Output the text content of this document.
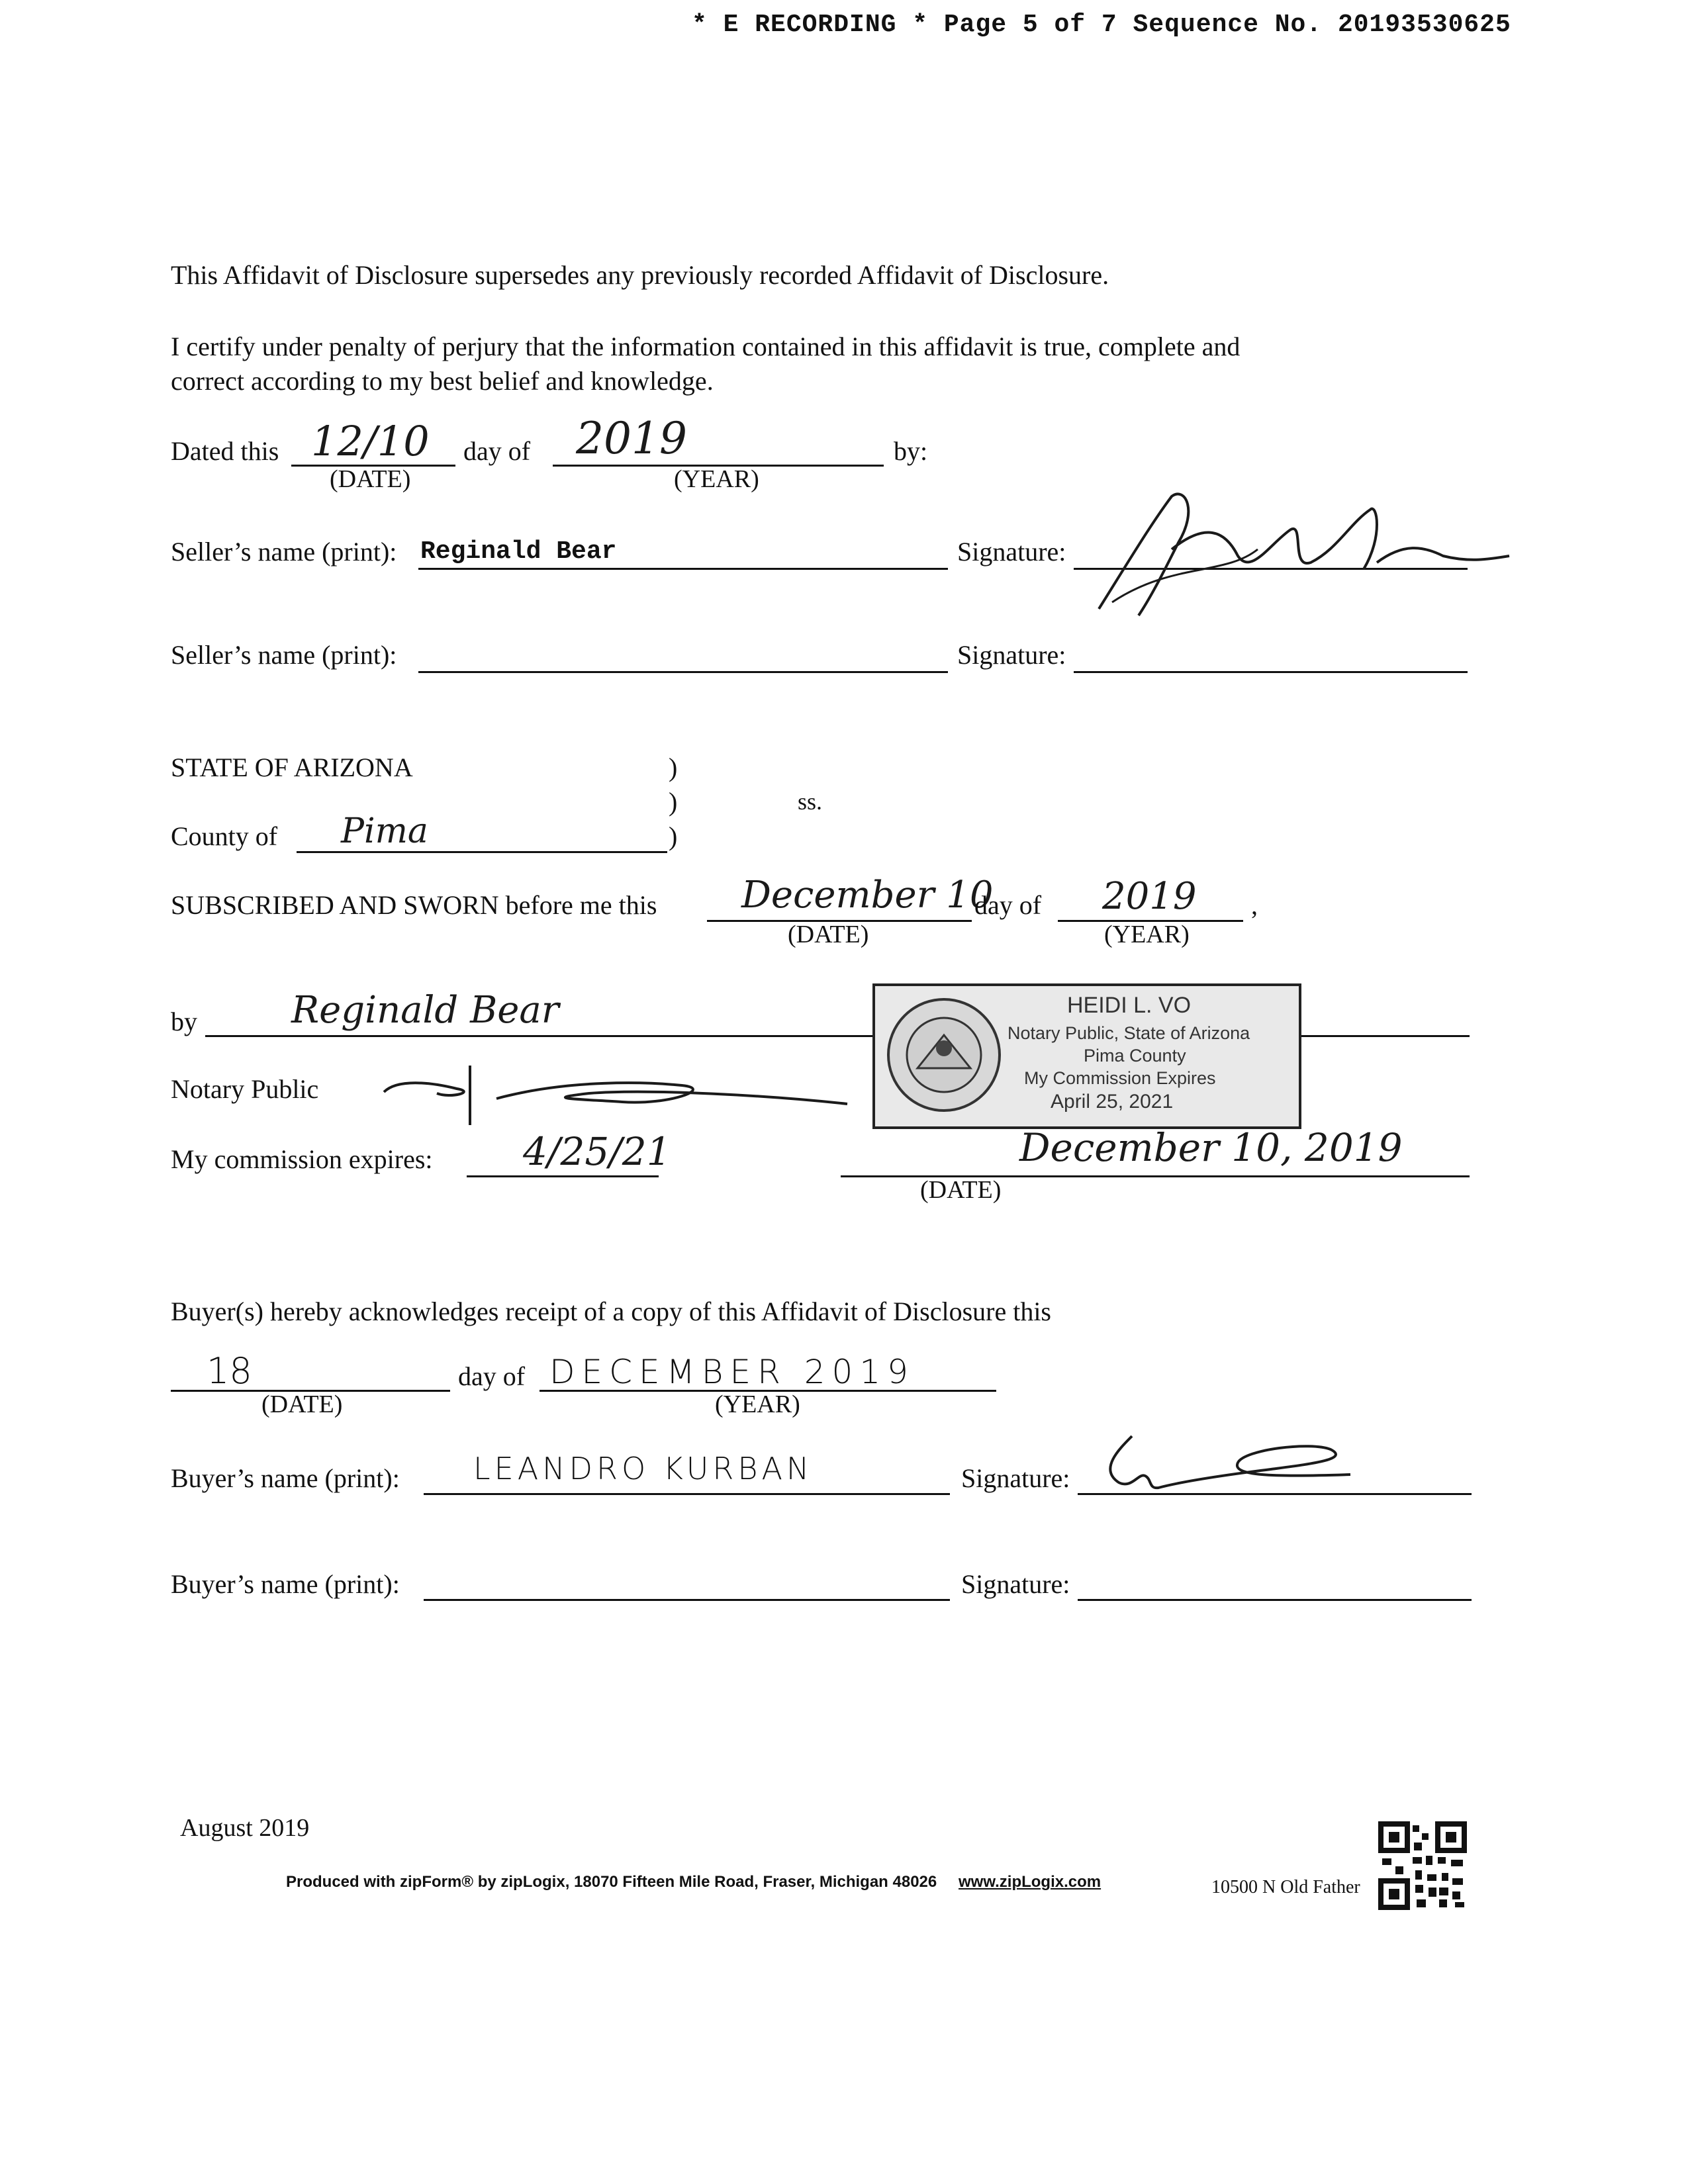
* E RECORDING * Page 5 of 7 Sequence No. 20193530625
This Affidavit of Disclosure supersedes any previously recorded Affidavit of Disclosure.
I certify under penalty of perjury that the information contained in this affidavit is true, complete and
correct according to my best belief and knowledge.
Dated this 12/10
(DATE)
day of 2019
(YEAR)
by:
Seller’s name (print): Reginald Bear	Signature:
Seller’s name (print):	Signature:
STATE OF ARIZONA	)
)	ss.
County of Pima	)
SUBSCRIBED AND SWORN before me this December 10
(DATE)
day of 2019
(YEAR)
,
by	Reginald Bear
Notary Public
HEIDI L. VO
Notary Public, State of Arizona
Pima County
My Commission Expires
April 25, 2021
My commission expires: 4/25/21	December 10, 2019
(DATE)
Buyer(s) hereby acknowledges receipt of a copy of this Affidavit of Disclosure this
18
(DATE)
day of DECEMBER 2019
(YEAR)
Buyer’s name (print): LEANDRO KURBAN	Signature:
Buyer’s name (print):	Signature:
August 2019
Produced with zipForm® by zipLogix, 18070 Fifteen Mile Road, Fraser, Michigan 48026 www.zipLogix.com	10500 N Old Father
